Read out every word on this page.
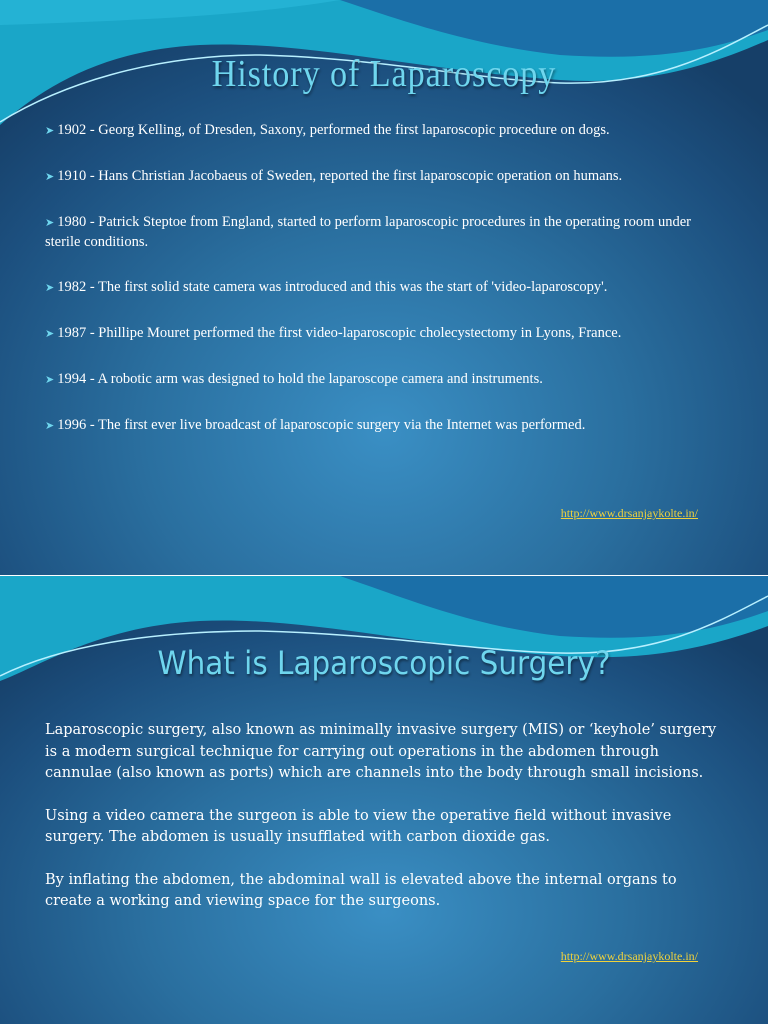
History of Laparoscopy
➤ 1902 - Georg Kelling, of Dresden, Saxony, performed the first laparoscopic procedure on dogs.
➤ 1910 - Hans Christian Jacobaeus of Sweden, reported the first laparoscopic operation on humans.
➤ 1980 - Patrick Steptoe from England, started to perform laparoscopic procedures in the operating room under sterile conditions.
➤ 1982 - The first solid state camera was introduced and this was the start of 'video-laparoscopy'.
➤ 1987 - Phillipe Mouret performed the first video-laparoscopic cholecystectomy in Lyons, France.
➤ 1994 - A robotic arm was designed to hold the laparoscope camera and instruments.
➤ 1996 - The first ever live broadcast of laparoscopic surgery via the Internet was performed.
http://www.drsanjaykolte.in/
What is Laparoscopic Surgery?
Laparoscopic surgery, also known as minimally invasive surgery (MIS) or ‘keyhole’ surgery is a modern surgical technique for carrying out operations in the abdomen through cannulae (also known as ports) which are channels into the body through small incisions.
Using a video camera the surgeon is able to view the operative field without invasive surgery. The abdomen is usually insufflated with carbon dioxide gas.
By inflating the abdomen, the abdominal wall is elevated above the internal organs to create a working and viewing space for the surgeons.
http://www.drsanjaykolte.in/
